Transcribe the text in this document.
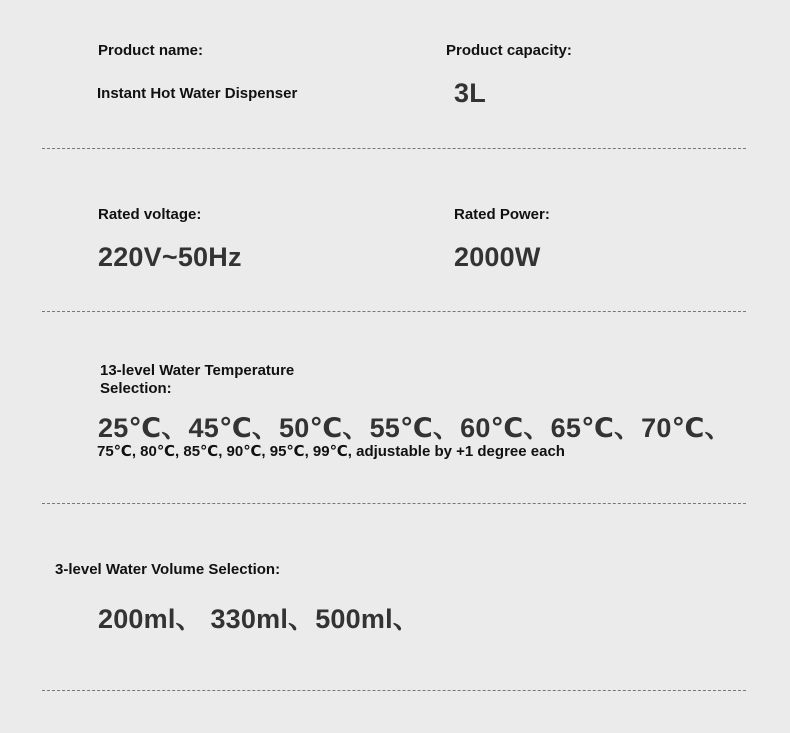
Product name:
Instant Hot Water Dispenser
Product capacity:
3L
Rated voltage:
220V~50Hz
Rated Power:
2000W
13-level Water Temperature
Selection:
25℃、45℃、50℃、55℃、60℃、65℃、70℃、
75℃, 80℃, 85℃, 90℃, 95℃, 99℃, adjustable by +1 degree each
3-level Water Volume Selection:
200ml、 330ml、500ml、
